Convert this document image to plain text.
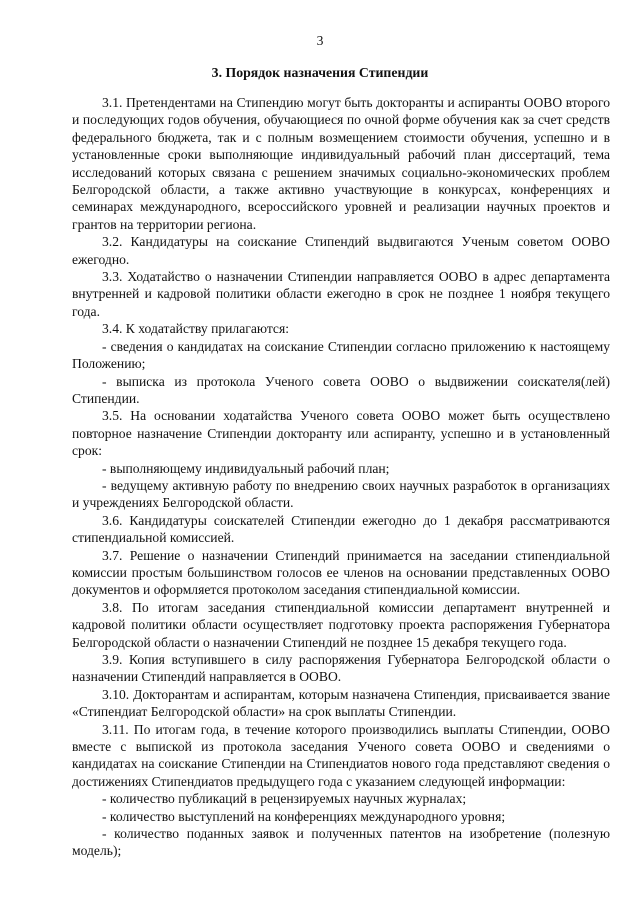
3
3. Порядок назначения Стипендии

3.1. Претендентами на Стипендию могут быть докторанты и аспиранты ООВО второго и последующих годов обучения, обучающиеся по очной форме обучения как за счет средств федерального бюджета, так и с полным возмещением стоимости обучения, успешно и в установленные сроки выполняющие индивидуальный рабочий план диссертаций, тема исследований которых связана с решением значимых социально-экономических проблем Белгородской области, а также активно участвующие в конкурсах, конференциях и семинарах международного, всероссийского уровней и реализации научных проектов и грантов на территории региона.

3.2. Кандидатуры на соискание Стипендий выдвигаются Ученым советом ООВО ежегодно.

3.3. Ходатайство о назначении Стипендии направляется ООВО в адрес департамента внутренней и кадровой политики области ежегодно в срок не позднее 1 ноября текущего года.

3.4. К ходатайству прилагаются:

- сведения о кандидатах на соискание Стипендии согласно приложению к настоящему Положению;

- выписка из протокола Ученого совета ООВО о выдвижении соискателя(лей) Стипендии.

3.5. На основании ходатайства Ученого совета ООВО может быть осуществлено повторное назначение Стипендии докторанту или аспиранту, успешно и в установленный срок:

- выполняющему индивидуальный рабочий план;

- ведущему активную работу по внедрению своих научных разработок в организациях и учреждениях Белгородской области.

3.6. Кандидатуры соискателей Стипендии ежегодно до 1 декабря рассматриваются стипендиальной комиссией.

3.7. Решение о назначении Стипендий принимается на заседании стипендиальной комиссии простым большинством голосов ее членов на основании представленных ООВО документов и оформляется протоколом заседания стипендиальной комиссии.

3.8. По итогам заседания стипендиальной комиссии департамент внутренней и кадровой политики области осуществляет подготовку проекта распоряжения Губернатора Белгородской области о назначении Стипендий не позднее 15 декабря текущего года.

3.9. Копия вступившего в силу распоряжения Губернатора Белгородской области о назначении Стипендий направляется в ООВО.

3.10. Докторантам и аспирантам, которым назначена Стипендия, присваивается звание «Стипендиат Белгородской области» на срок выплаты Стипендии.

3.11. По итогам года, в течение которого производились выплаты Стипендии, ООВО вместе с выпиской из протокола заседания Ученого совета ООВО и сведениями о кандидатах на соискание Стипендии на Стипендиатов нового года представляют сведения о достижениях Стипендиатов предыдущего года с указанием следующей информации:

- количество публикаций в рецензируемых научных журналах;

- количество выступлений на конференциях международного уровня;

- количество поданных заявок и полученных патентов на изобретение (полезную модель);
